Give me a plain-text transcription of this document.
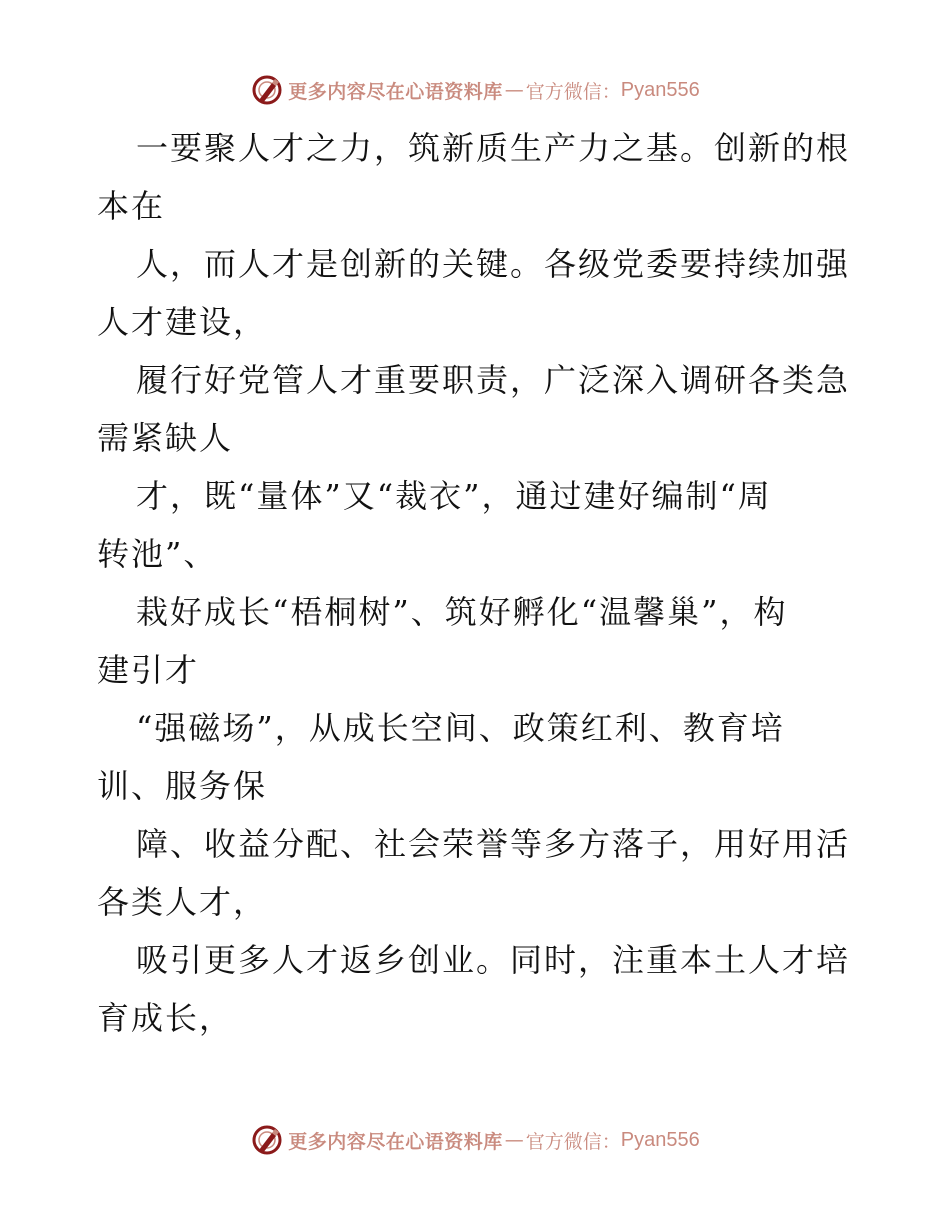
更多内容尽在心语资料库 — 官方微信： Pyan556
一要聚人才之力，筑新质生产力之基。创新的根
本在
人，而人才是创新的关键。各级党委要持续加强
人才建设，
履行好党管人才重要职责，广泛深入调研各类急
需紧缺人
才，既“量体”又“裁衣”，通过建好编制“周
转池”、
栽好成长“梧桐树”、筑好孵化“温馨巢”，构
建引才
“强磁场”，从成长空间、政策红利、教育培
训、服务保
障、收益分配、社会荣誉等多方落子，用好用活
各类人才，
吸引更多人才返乡创业。同时，注重本土人才培
育成长，
更多内容尽在心语资料库 — 官方微信： Pyan556
